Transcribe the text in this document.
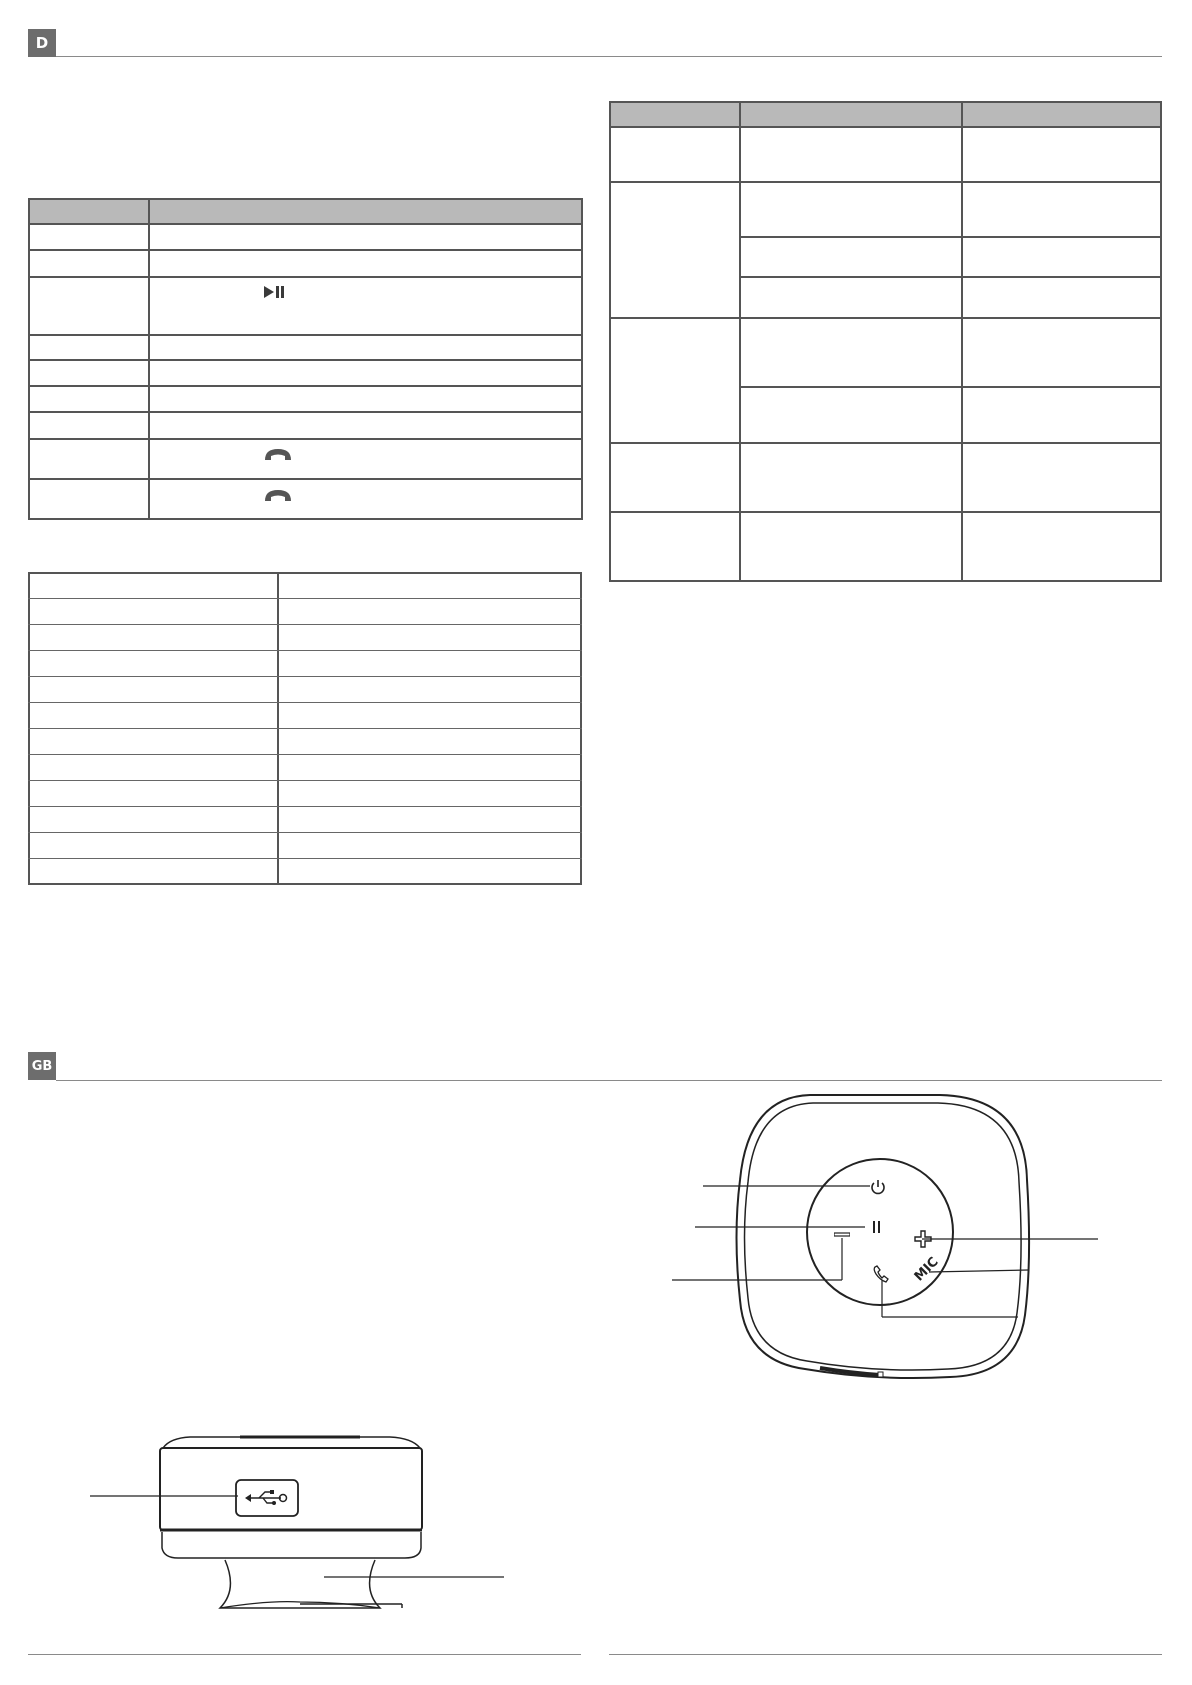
D
GB
MIC
